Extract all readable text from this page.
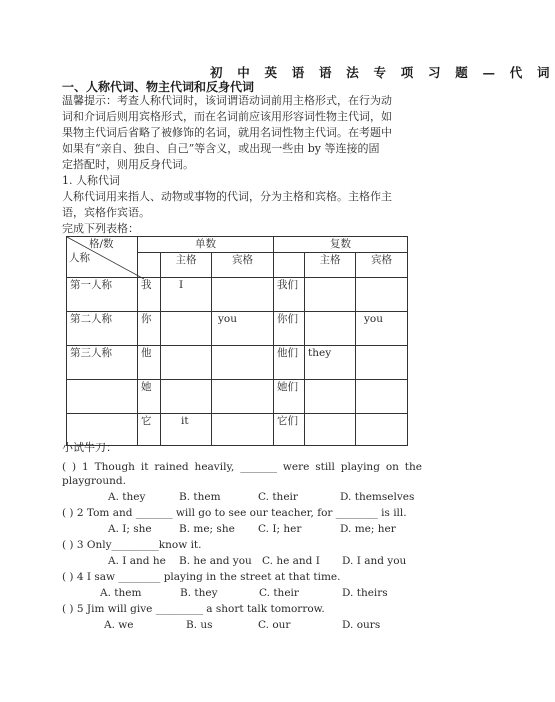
初 中 英 语 语 法 专 项 习 题 — 代 词
一、人称代词、物主代词和反身代词
温馨提示：考查人称代词时，该词谓语动词前用主格形式，在行为动
词和介词后则用宾格形式，而在名词前应该用形容词性物主代词，如
果物主代词后省略了被修饰的名词，就用名词性物主代词。在考题中
如果有“亲自、独自、自己”等含义，或出现一些由 by 等连接的固
定搭配时，则用反身代词。
1. 人称代词
人称代词用来指人、动物或事物的代词，分为主格和宾格。主格作主
语，宾格作宾语。
完成下列表格：
格/数
人称	单数			复数		
		主格	宾格		主格	宾格
第一人称	我	I		我们		
第二人称	你		you	你们		you
第三人称	他			他们	they	
	她			她们		
	它	it		它们		
小试牛刀：
( ) 1 Though it rained heavily, _______ were still playing on the
playground.
A. they	B. them	C. their	D. themselves
( ) 2 Tom and _______ will go to see our teacher, for ________ is ill.
A. I; she	B. me; she C. I; her	D. me; her
( ) 3 Only_________know it.
A. I and he B. he and you C. he and I D. I and you
( ) 4 I saw ________ playing in the street at that time.
A. them	B. they	C. their	D. theirs
( ) 5 Jim will give _________ a short talk tomorrow.
A. we	B. us	C. our	D. ours
